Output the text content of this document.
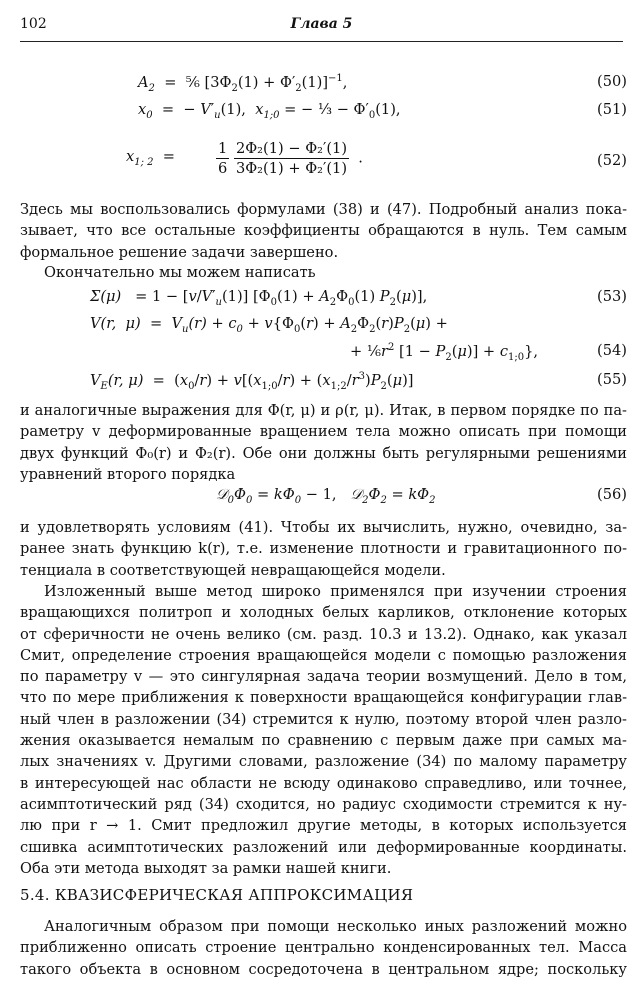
102	Глава 5
$A_2$  =  ⅚ $[3\Phi_2(1) + \Phi'_2(1)]^{-1}$,	(50)
$x_0$  =  − $V'_u(1)$,  $x_{1;0}$ = − ⅓ − $\Phi'_0(1)$,	(51)
$x_{1; 2}$  =	$\frac{1}{6}$
$\frac{\text{2Φ₂(1) − Φ₂′(1)}}{\text{3Φ₂(1) + Φ₂′(1)}}$ .	(52)
Здесь мы воспользовались формулами (38) и (47). Подробный анализ пока-
зывает, что все остальные коэффициенты обращаются в нуль. Тем самым
формальное решение задачи завершено.
Окончательно мы можем написать
Ʃ(μ)   = $1 - [v/V'_u(1)] [\Phi_0(1) + A_2\Phi_0(1)$ $P_2(\mu)$],	(53)
V(r,  $\mu) = V_u(r) + c_0 + v\{\Phi_0(r) + A_2\Phi_2(r)P_2(\mu)$ +
+ $\frac{1}{6}r^2$ $[1 - P_2(\mu)] + c_{1;0}$},	(54)
$V_E(r$, $\mu) = (x_0/r) + v[(x_{1;0}/r) + (x_{1;2}/r^3)P_2(\mu)]$	(55)
и аналогичные выражения для Φ(r, μ) и ρ(r, μ). Итак, в первом порядке по па-
раметру v деформированные вращением тела можно описать при помощи
двух функций Φ₀(r) и Φ₂(r). Обе они должны быть регулярными решениями
уравнений второго порядка
$𝒟_0\Phi_0 = k\Phi_0 - 1$,   $𝒟_2\Phi_2 = k\Phi_2$	(56)
и удовлетворять условиям (41). Чтобы их вычислить, нужно, очевидно, за-
ранее знать функцию k(r), т.е. изменение плотности и гравитационного по-
тенциала в соответствующей невращающейся модели.
Изложенный выше метод широко применялся при изучении строения
вращающихся политроп и холодных белых карликов, отклонение которых
от сферичности не очень велико (см. разд. 10.3 и 13.2). Однако, как указал
Смит, определение строения вращающейся модели с помощью разложения
по параметру v — это сингулярная задача теории возмущений. Дело в том,
что по мере приближения к поверхности вращающейся конфигурации глав-
ный член в разложении (34) стремится к нулю, поэтому второй член разло-
жения оказывается немалым по сравнению с первым даже при самых ма-
лых значениях v. Другими словами, разложение (34) по малому параметру
в интересующей нас области не всюду одинаково справедливо, или точнее,
асимптотический ряд (34) сходится, но радиус сходимости стремится к ну-
лю при r → 1. Смит предложил другие методы, в которых используется
сшивка асимптотических разложений или деформированные координаты.
Оба эти метода выходят за рамки нашей книги.
5.4. КВАЗИСФЕРИЧЕСКАЯ АППРОКСИМАЦИЯ
Аналогичным образом при помощи несколько иных разложений можно
приближенно описать строение центрально конденсированных тел. Масса
такого объекта в основном сосредоточена в центральном ядре; поскольку
